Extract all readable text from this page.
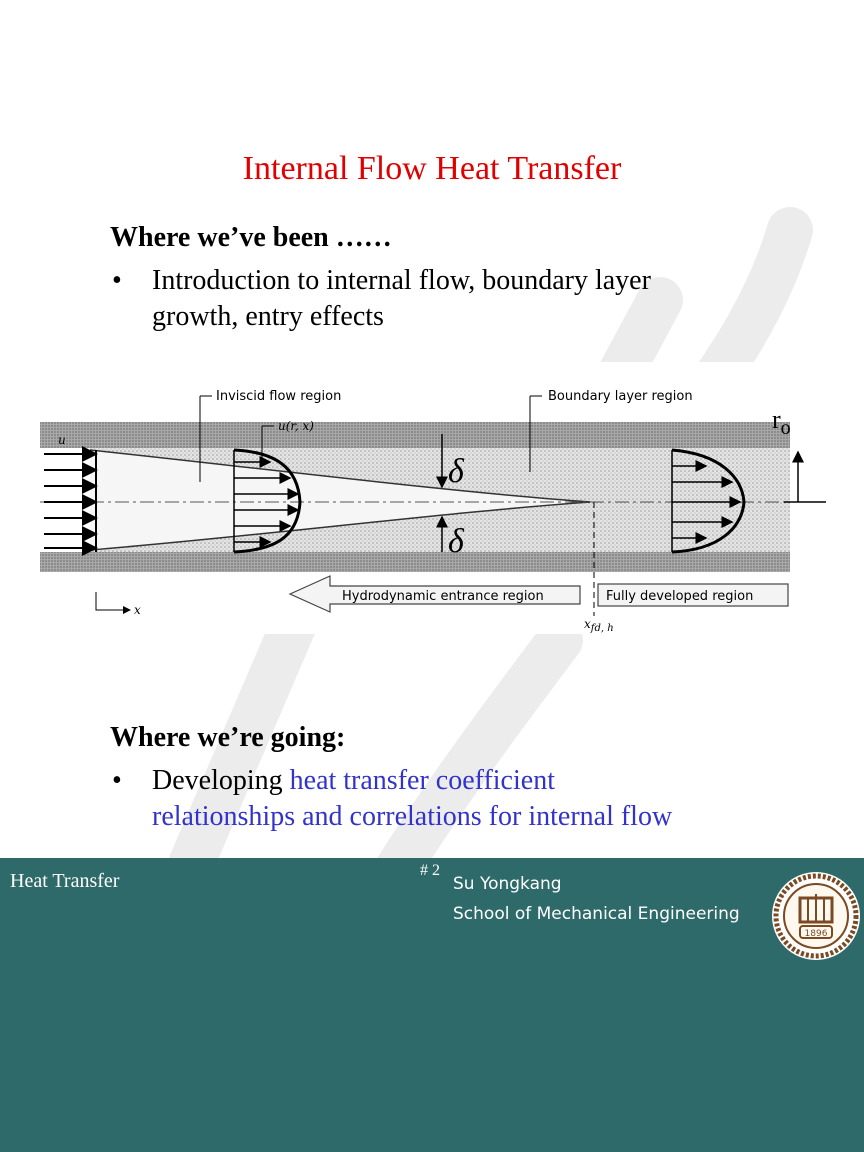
Internal Flow Heat Transfer
Where we’ve been ……
• Introduction to internal flow, boundary layer
growth, entry effects
Inviscid flow region	Boundary layer region
Hydrodynamic entrance region	Fully developed region
u(r, x)
u
x
$x_{fd, h}$
δ
δ
$r_o$
Where we’re going:
• Developing heat transfer coefficient
relationships and correlations for internal flow
Heat Transfer	# 2
Su Yongkang
School of Mechanical Engineering
1896
